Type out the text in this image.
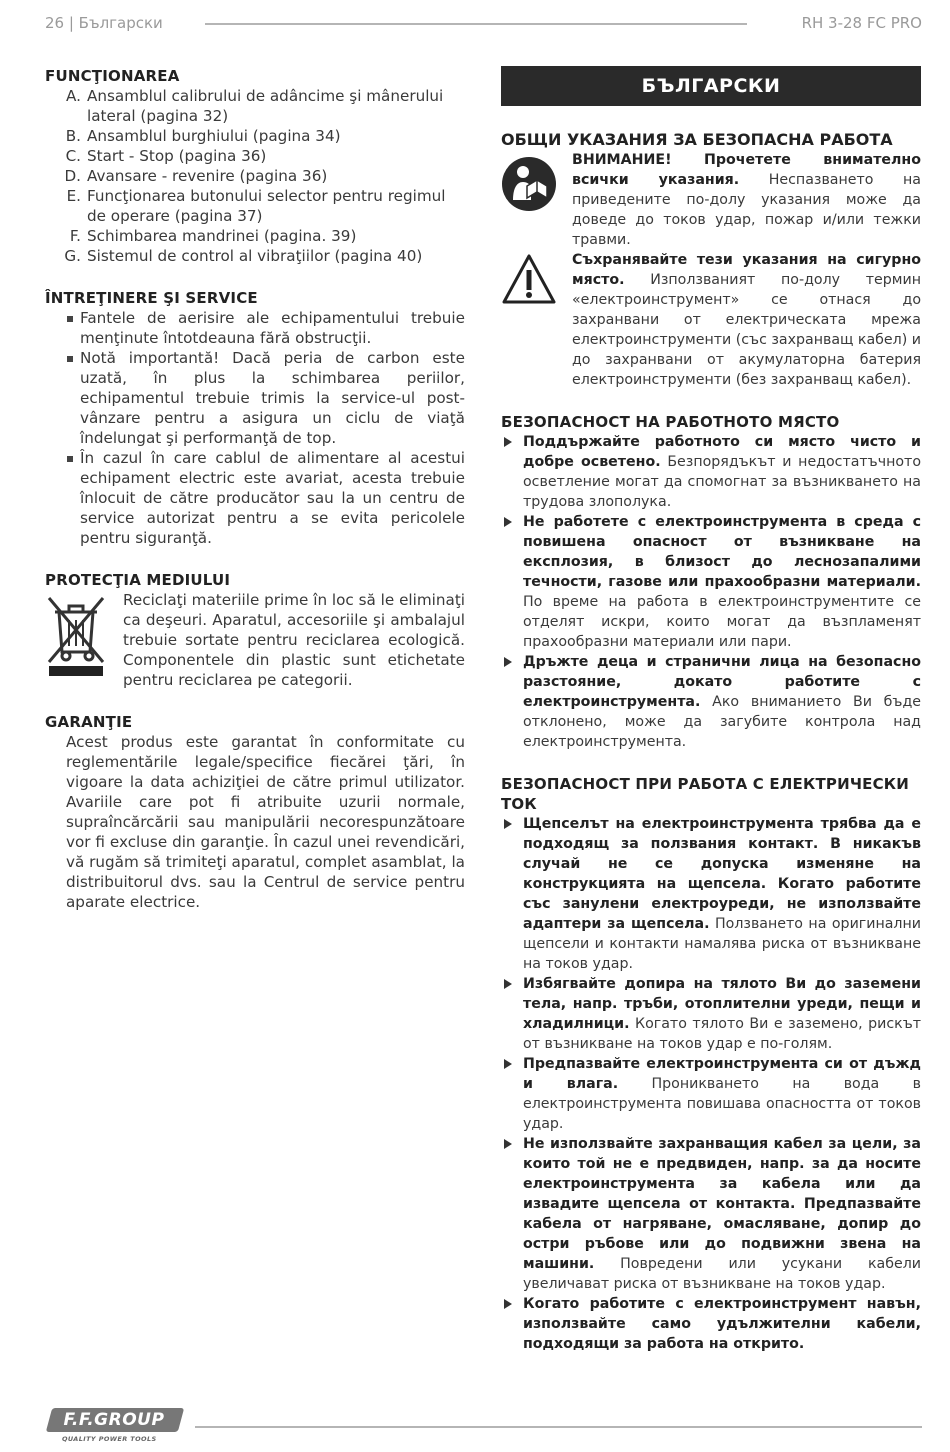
26 | Български	RH 3-28 FC PRO
FUNCŢIONAREA
A. Ansamblul calibrului de adâncime şi mânerului lateral (pagina 32)
B. Ansamblul burghiului (pagina 34)
C. Start - Stop (pagina 36)
D. Avansare - revenire (pagina 36)
E. Funcţionarea butonului selector pentru regimul de operare (pagina 37)
F. Schimbarea mandrinei (pagina. 39)
G. Sistemul de control al vibraţiilor (pagina 40)
ÎNTREŢINERE ŞI SERVICE
Fantele de aerisire ale echipamentului trebuie menţinute întotdeauna fără obstrucţii.
Notă importantă! Dacă peria de carbon este uzată, în plus la schimbarea periilor, echipamentul trebuie trimis la service-ul post-vânzare pentru a asigura un ciclu de viaţă îndelungat şi performanţă de top.
În cazul în care cablul de alimentare al acestui echipament electric este avariat, acesta trebuie înlocuit de către producător sau la un centru de service autorizat pentru a se evita pericolele pentru siguranţă.
PROTECŢIA MEDIULUI
Reciclaţi materiile prime în loc să le eliminaţi ca deşeuri. Aparatul, accesoriile şi ambalajul trebuie sortate pentru reciclarea ecologică. Componentele din plastic sunt etichetate pentru reciclarea pe categorii.
GARANŢIE
Acest produs este garantat în conformitate cu reglementările legale/specifice fiecărei ţări, în vigoare la data achiziţiei de către primul utilizator. Avariile care pot fi atribuite uzurii normale, supraîncărcării sau manipulării necorespunzătoare vor fi excluse din garanţie. În cazul unei revendicări, vă rugăm să trimiteţi aparatul, complet asamblat, la distribuitorul dvs. sau la Centrul de service pentru aparate electrice.
БЪЛГАРСКИ
ОБЩИ УКАЗАНИЯ ЗА БЕЗОПАСНА РАБОТА
ВНИМАНИЕ! Прочетете внимателно всички указания. Неспазването на приведените по-долу указания може да доведе до токов удар, пожар и/или тежки травми.
Съхранявайте тези указания на сигурно място. Използваният по-долу термин «електроинструмент» се отнася до захранвани от електрическата мрежа електроинструменти (със захранващ кабел) и до захранвани от акумулаторна батерия електроинструменти (без захранващ кабел).
БЕЗОПАСНОСТ НА РАБОТНОТО МЯСТО
Поддържайте работното си място чисто и добре осветено. Безпорядъкът и недостатъчното осветление могат да спомогнат за възникването на трудова злополука.
Не работете с електроинструмента в среда с повишена опасност от възникване на експлозия, в близост до леснозапалими течности, газове или прахообразни материали. По време на работа в електроинструментите се отделят искри, които могат да възпламенят прахообразни материали или пари.
Дръжте деца и странични лица на безопасно разстояние, докато работите с електроинструмента. Ако вниманието Ви бъде отклонено, може да загубите контрола над електроинструмента.
БЕЗОПАСНОСТ ПРИ РАБОТА С ЕЛЕКТРИЧЕСКИ ТОК
Щепселът на електроинструмента трябва да е подходящ за ползвания контакт. В никакъв случай не се допуска изменяне на конструкцията на щепсела. Когато работите със занулени електроуреди, не използвайте адаптери за щепсела. Ползването на оригинални щепсели и контакти намалява риска от възникване на токов удар.
Избягвайте допира на тялото Ви до заземени тела, напр. тръби, отоплителни уреди, пещи и хладилници. Когато тялото Ви е заземено, рискът от възникване на токов удар е по-голям.
Предпазвайте електроинструмента си от дъжд и влага. Проникването на вода в електроинструмента повишава опасността от токов удар.
Не използвайте захранващия кабел за цели, за които той не е предвиден, напр. за да носите електроинструмента за кабела или да извадите щепсела от контакта. Предпазвайте кабела от нагряване, омасляване, допир до остри ръбове или до подвижни звена на машини. Повредени или усукани кабели увеличават риска от възникване на токов удар.
Когато работите с електроинструмент навън, използвайте само удължителни кабели, подходящи за работа на открито.
F.F.GROUP
QUALITY POWER TOOLS
